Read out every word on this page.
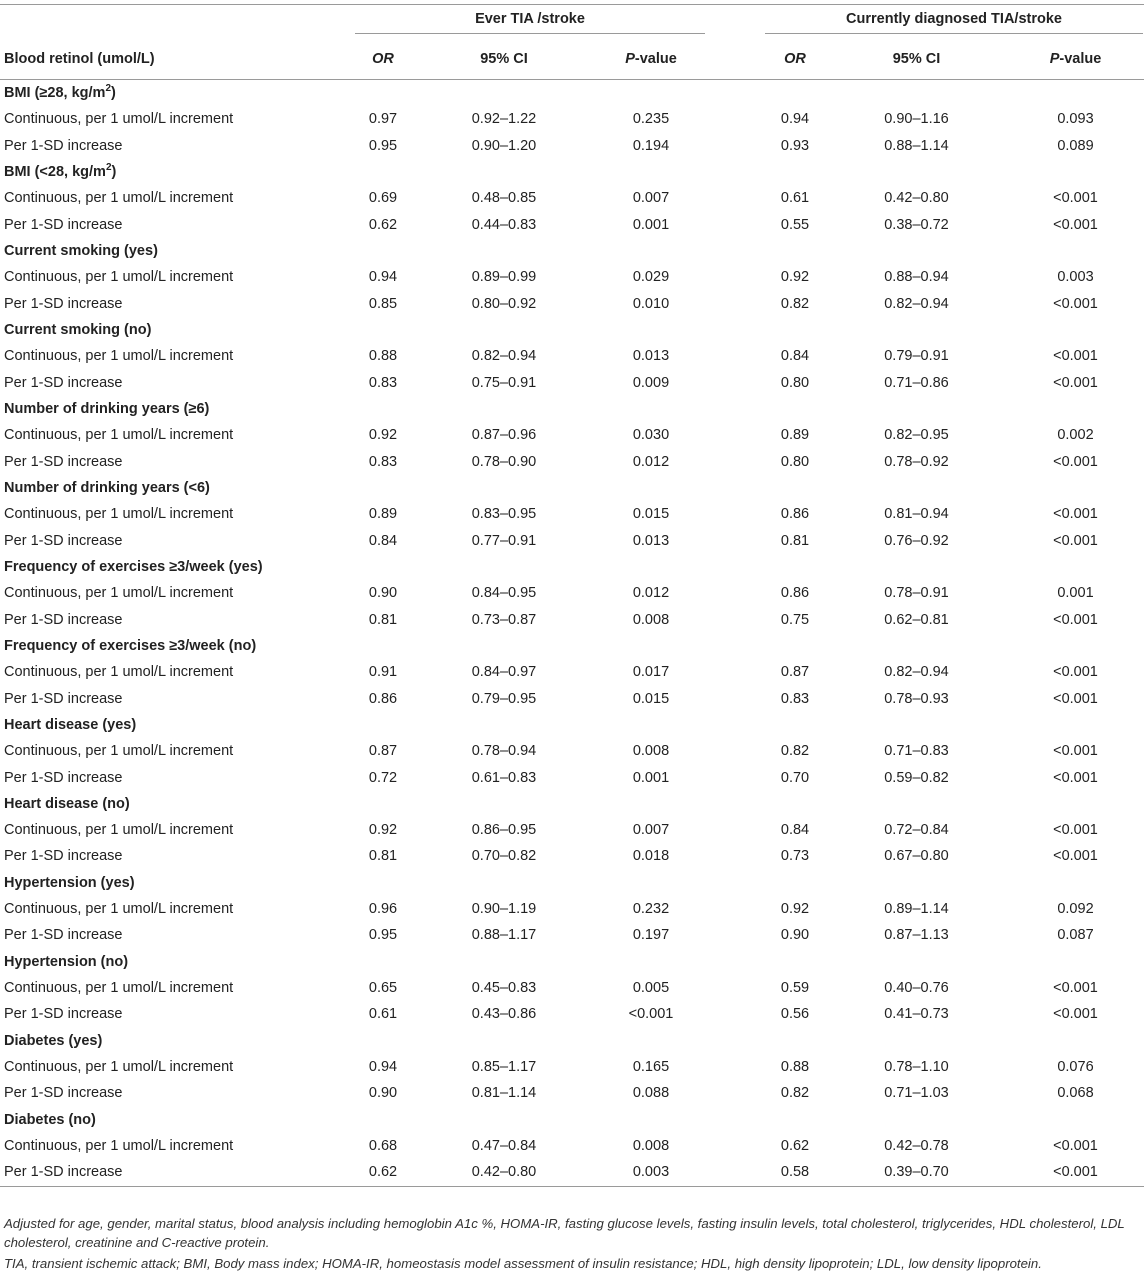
	Ever TIA /stroke				Currently diagnosed TIA/stroke		

Blood retinol (umol/L)	OR	95% CI	P-value		OR	95% CI	P-value
BMI (≥28, $kg/m^2$)							
Continuous, per 1 umol/L increment	0.97	0.92–1.22	0.235		0.94	0.90–1.16	0.093
Per 1-SD increase	0.95	0.90–1.20	0.194		0.93	0.88–1.14	0.089
BMI (<28, $kg/m^2$)							
Continuous, per 1 umol/L increment	0.69	0.48–0.85	0.007		0.61	0.42–0.80	<0.001
Per 1-SD increase	0.62	0.44–0.83	0.001		0.55	0.38–0.72	<0.001
Current smoking (yes)							
Continuous, per 1 umol/L increment	0.94	0.89–0.99	0.029		0.92	0.88–0.94	0.003
Per 1-SD increase	0.85	0.80–0.92	0.010		0.82	0.82–0.94	<0.001
Current smoking (no)							
Continuous, per 1 umol/L increment	0.88	0.82–0.94	0.013		0.84	0.79–0.91	<0.001
Per 1-SD increase	0.83	0.75–0.91	0.009		0.80	0.71–0.86	<0.001
Number of drinking years (≥6)							
Continuous, per 1 umol/L increment	0.92	0.87–0.96	0.030		0.89	0.82–0.95	0.002
Per 1-SD increase	0.83	0.78–0.90	0.012		0.80	0.78–0.92	<0.001
Number of drinking years (<6)							
Continuous, per 1 umol/L increment	0.89	0.83–0.95	0.015		0.86	0.81–0.94	<0.001
Per 1-SD increase	0.84	0.77–0.91	0.013		0.81	0.76–0.92	<0.001
Frequency of exercises ≥3/week (yes)							
Continuous, per 1 umol/L increment	0.90	0.84–0.95	0.012		0.86	0.78–0.91	0.001
Per 1-SD increase	0.81	0.73–0.87	0.008		0.75	0.62–0.81	<0.001
Frequency of exercises ≥3/week (no)							
Continuous, per 1 umol/L increment	0.91	0.84–0.97	0.017		0.87	0.82–0.94	<0.001
Per 1-SD increase	0.86	0.79–0.95	0.015		0.83	0.78–0.93	<0.001
Heart disease (yes)							
Continuous, per 1 umol/L increment	0.87	0.78–0.94	0.008		0.82	0.71–0.83	<0.001
Per 1-SD increase	0.72	0.61–0.83	0.001		0.70	0.59–0.82	<0.001
Heart disease (no)							
Continuous, per 1 umol/L increment	0.92	0.86–0.95	0.007		0.84	0.72–0.84	<0.001
Per 1-SD increase	0.81	0.70–0.82	0.018		0.73	0.67–0.80	<0.001
Hypertension (yes)							
Continuous, per 1 umol/L increment	0.96	0.90–1.19	0.232		0.92	0.89–1.14	0.092
Per 1-SD increase	0.95	0.88–1.17	0.197		0.90	0.87–1.13	0.087
Hypertension (no)							
Continuous, per 1 umol/L increment	0.65	0.45–0.83	0.005		0.59	0.40–0.76	<0.001
Per 1-SD increase	0.61	0.43–0.86	<0.001		0.56	0.41–0.73	<0.001
Diabetes (yes)							
Continuous, per 1 umol/L increment	0.94	0.85–1.17	0.165		0.88	0.78–1.10	0.076
Per 1-SD increase	0.90	0.81–1.14	0.088		0.82	0.71–1.03	0.068
Diabetes (no)							
Continuous, per 1 umol/L increment	0.68	0.47–0.84	0.008		0.62	0.42–0.78	<0.001
Per 1-SD increase	0.62	0.42–0.80	0.003		0.58	0.39–0.70	<0.001
Adjusted for age, gender, marital status, blood analysis including hemoglobin A1c %, HOMA-IR, fasting glucose levels, fasting insulin levels, total cholesterol, triglycerides, HDL cholesterol, LDL cholesterol, creatinine and C-reactive protein.
TIA, transient ischemic attack; BMI, Body mass index; HOMA-IR, homeostasis model assessment of insulin resistance; HDL, high density lipoprotein; LDL, low density lipoprotein.
